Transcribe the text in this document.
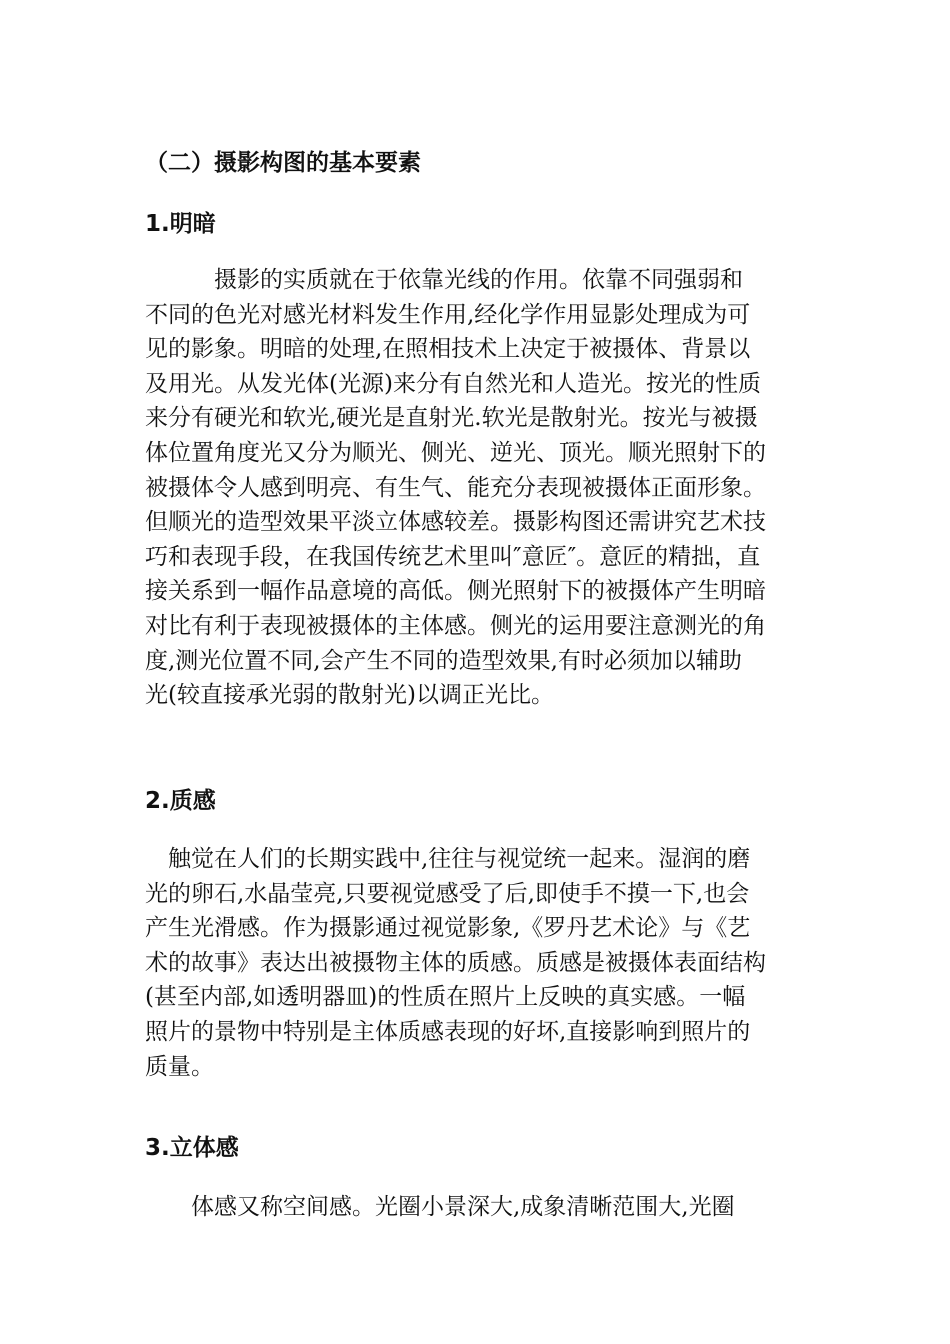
（二）摄影构图的基本要素
1.明暗
　　　摄影的实质就在于依靠光线的作用。依靠不同强弱和
不同的色光对感光材料发生作用,经化学作用显影处理成为可
见的影象。明暗的处理,在照相技术上决定于被摄体、背景以
及用光。从发光体(光源)来分有自然光和人造光。按光的性质
来分有硬光和软光,硬光是直射光.软光是散射光。按光与被摄
体位置角度光又分为顺光、侧光、逆光、顶光。顺光照射下的
被摄体令人感到明亮、有生气、能充分表现被摄体正面形象。
但顺光的造型效果平淡立体感较差。摄影构图还需讲究艺术技
巧和表现手段，在我国传统艺术里叫″意匠″。意匠的精拙，直
接关系到一幅作品意境的高低。侧光照射下的被摄体产生明暗
对比有利于表现被摄体的主体感。侧光的运用要注意测光的角
度,测光位置不同,会产生不同的造型效果,有时必须加以辅助
光(较直接承光弱的散射光)以调正光比。
2.质感
　触觉在人们的长期实践中,往往与视觉统一起来。湿润的磨
光的卵石,水晶莹亮,只要视觉感受了后,即使手不摸一下,也会
产生光滑感。作为摄影通过视觉影象,《罗丹艺术论》与《艺
术的故事》表达出被摄物主体的质感。质感是被摄体表面结构
(甚至内部,如透明器皿)的性质在照片上反映的真实感。一幅
照片的景物中特别是主体质感表现的好坏,直接影响到照片的
质量。
3.立体感
　　体感又称空间感。光圈小景深大,成象清晰范围大,光圈
